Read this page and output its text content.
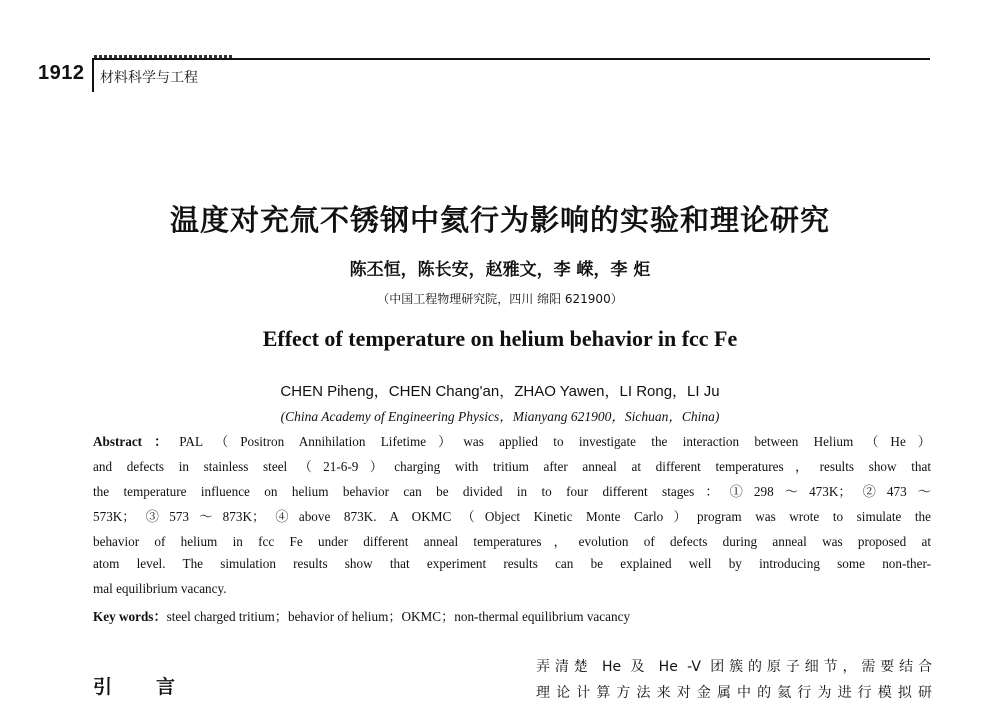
1912 材料科学与工程
温度对充氚不锈钢中氦行为影响的实验和理论研究
陈丕恒，陈长安，赵雅文，李 嵘，李 炬
（中国工程物理研究院，四川 绵阳 621900）
Effect of temperature on helium behavior in fcc Fe
CHEN Piheng，CHEN Chang'an，ZHAO Yawen，LI Rong，LI Ju
(China Academy of Engineering Physics，Mianyang 621900，Sichuan，China)
Abstract：PAL（Positron Annihilation Lifetime）was applied to investigate the interaction between Helium（He）
and defects in stainless steel（21-6-9）charging with tritium after anneal at different temperatures，results show that
the temperature influence on helium behavior can be divided in to four different stages：①298～473K；②473～
573K；③573～873K；④above 873K. A OKMC（Object Kinetic Monte Carlo）program was wrote to simulate the
behavior of helium in fcc Fe under different anneal temperatures，evolution of defects during anneal was proposed at
atom level. The simulation results show that experiment results can be explained well by introducing some non-ther-
mal equilibrium vacancy.
Key words：steel charged tritium；behavior of helium；OKMC；non-thermal equilibrium vacancy
引言
弄清楚 He 及 He -V 团簇的原子细节，需要结合
理论计算方法来对金属中的氦行为进行模拟研
